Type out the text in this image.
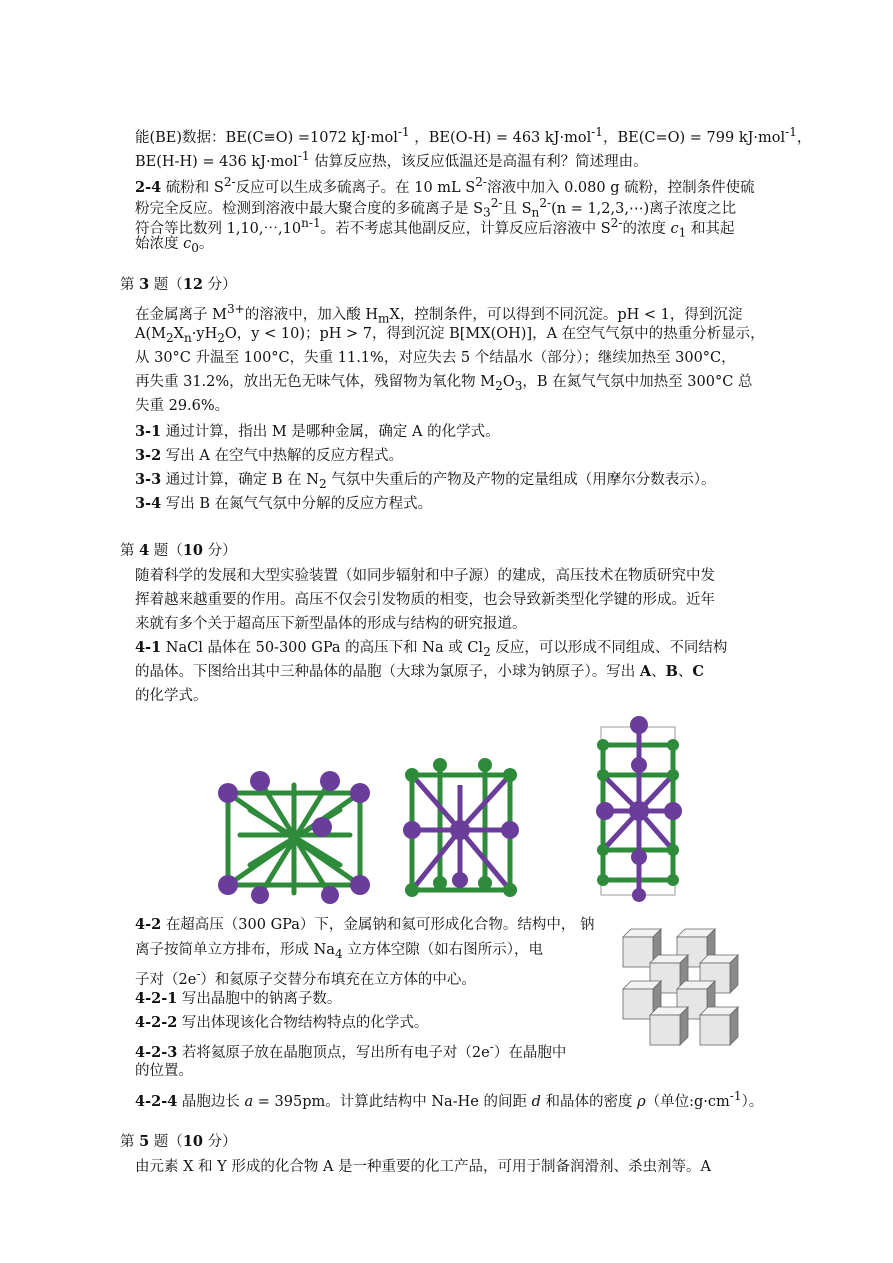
能(BE)数据：BE(C≡O) =1072 kJ·mol$^{-1}$ ，BE(O-H) = 463 kJ·mol$^{-1}$，BE(C=O) = 799 kJ·mol$^{-1}$，
BE(H-H) = 436 kJ·mol$^{-1}$ 估算反应热，该反应低温还是高温有利？简述理由。
2-4 硫粉和 $S^{2-}$反应可以生成多硫离子。在 10 mL $S^{2-}$溶液中加入 0.080 g 硫粉，控制条件使硫
粉完全反应。检测到溶液中最大聚合度的多硫离子是 $S_3^{2-}$且 $S_n^{2-}(n$ = 1,2,3,⋯)离子浓度之比
符合等比数列 1,10,⋯,10$^{n-1}$。若不考虑其他副反应，计算反应后溶液中 $S^{2-}$的浓度 $c_1$ 和其起
始浓度 $c_0$。
第 3 题（12 分）
在金属离子 $M^{3+}$的溶液中，加入酸 $H_mX$，控制条件，可以得到不同沉淀。pH < 1，得到沉淀
$A(M_2X_n\cdot yH_2O$，y < 10)；pH > 7，得到沉淀 B[MX(OH)]，A 在空气气氛中的热重分析显示，
从 30°C 升温至 100°C，失重 11.1%，对应失去 5 个结晶水（部分）；继续加热至 300°C，
再失重 31.2%，放出无色无味气体，残留物为氧化物 $M_2O_3$，B 在氮气气氛中加热至 300°C 总
失重 29.6%。
3-1 通过计算，指出 M 是哪种金属，确定 A 的化学式。
3-2 写出 A 在空气中热解的反应方程式。
3-3 通过计算，确定 B 在 $N_2$ 气氛中失重后的产物及产物的定量组成（用摩尔分数表示）。
3-4 写出 B 在氮气气氛中分解的反应方程式。
第 4 题（10 分）
随着科学的发展和大型实验装置（如同步辐射和中子源）的建成，高压技术在物质研究中发
挥着越来越重要的作用。高压不仅会引发物质的相变，也会导致新类型化学键的形成。近年
来就有多个关于超高压下新型晶体的形成与结构的研究报道。
4-1 NaCl 晶体在 50-300 GPa 的高压下和 Na 或 $Cl_2$ 反应，可以形成不同组成、不同结构
的晶体。下图给出其中三种晶体的晶胞（大球为氯原子，小球为钠原子）。写出 A、B、C
的化学式。
4-2 在超高压（300 GPa）下，金属钠和氦可形成化合物。结构中， 钠
离子按简单立方排布，形成 $Na_4$ 立方体空隙（如右图所示），电
子对（2e-）和氦原子交替分布填充在立方体的中心。
4-2-1 写出晶胞中的钠离子数。
4-2-2 写出体现该化合物结构特点的化学式。
4-2-3 若将氦原子放在晶胞顶点，写出所有电子对（2e-）在晶胞中
的位置。
4-2-4 晶胞边长 a = 395pm。计算此结构中 Na-He 的间距 d 和晶体的密度 ρ（单位$:g\cdot cm^{-1}$）。
第 5 题（10 分）
由元素 X 和 Y 形成的化合物 A 是一种重要的化工产品，可用于制备润滑剂、杀虫剂等。A
